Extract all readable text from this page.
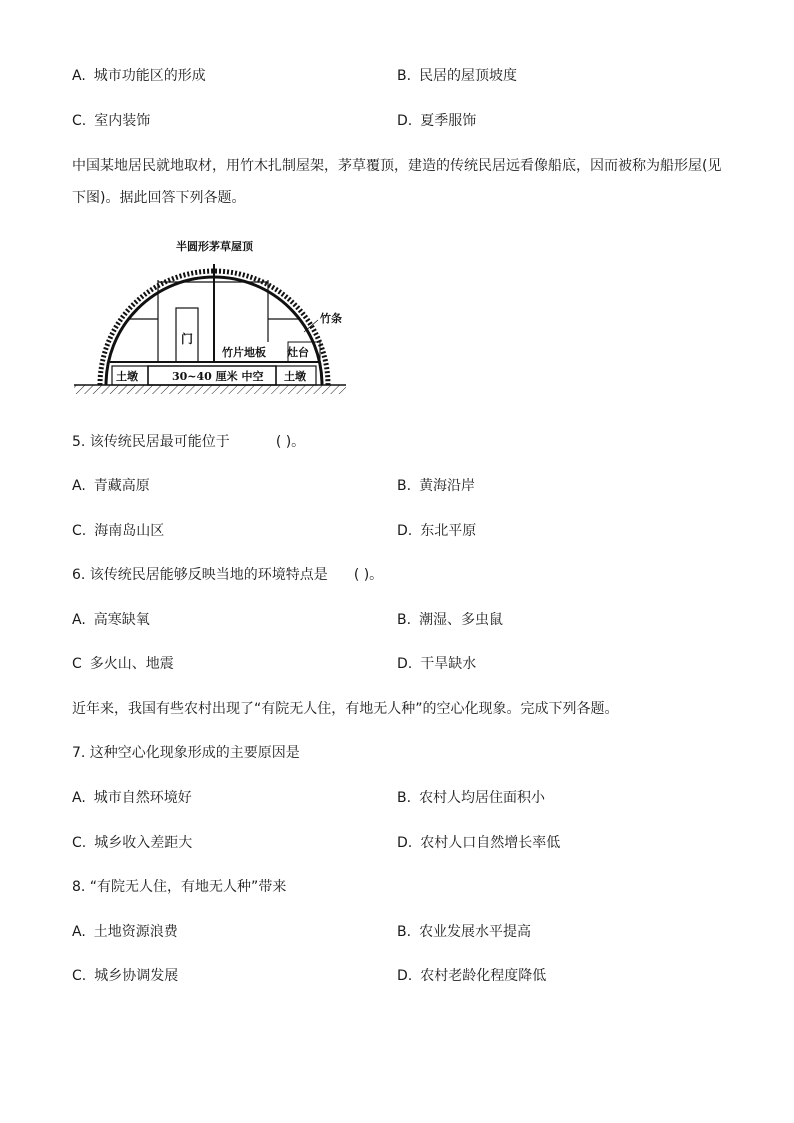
A. 城市功能区的形成	B. 民居的屋顶坡度
C. 室内装饰	D. 夏季服饰
中国某地居民就地取材，用竹木扎制屋架，茅草覆顶，建造的传统民居远看像船底，因而被称为船形屋(见
下图)。据此回答下列各题。
门
半圆形茅草屋顶
竹条
竹片地板 灶台
土墩	30~40 厘米 中空 土墩
5. 该传统民居最可能位于	( )。
A. 青藏高原	B. 黄海沿岸
C. 海南岛山区	D. 东北平原
6. 该传统民居能够反映当地的环境特点是 ( )。
A. 高寒缺氧	B. 潮湿、多虫鼠
C 多火山、地震	D. 干旱缺水
近年来，我国有些农村出现了“有院无人住，有地无人种”的空心化现象。完成下列各题。
7. 这种空心化现象形成的主要原因是
A. 城市自然环境好	B. 农村人均居住面积小
C. 城乡收入差距大	D. 农村人口自然增长率低
8. “有院无人住，有地无人种”带来
A. 土地资源浪费	B. 农业发展水平提高
C. 城乡协调发展	D. 农村老龄化程度降低
